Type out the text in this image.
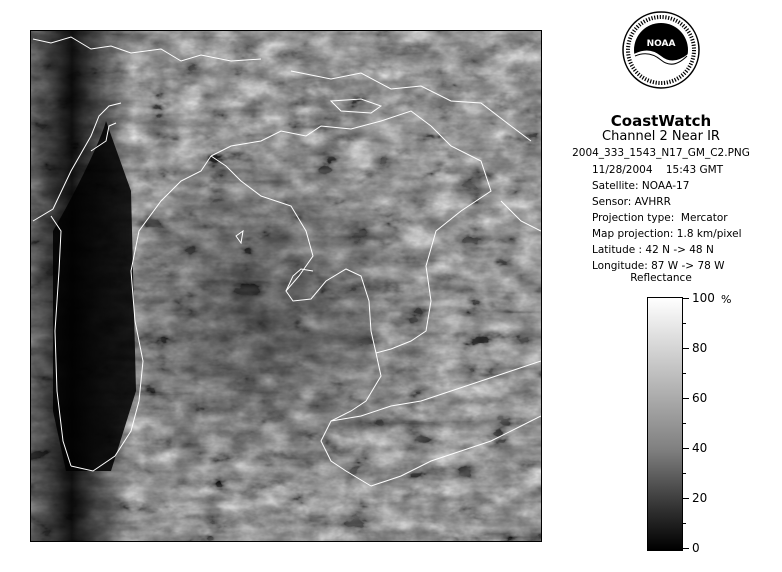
NOAA
CoastWatch
Channel 2 Near IR
2004_333_1543_N17_GM_C2.PNG
11/28/2004    15:43 GMT
Satellite: NOAA-17
Sensor: AVHRR
Projection type:  Mercator
Map projection: 1.8 km/pixel
Latitude : 42 N -> 48 N
Longitude: 87 W -> 78 W
Reflectance
%
100
80
60
40
20
0
